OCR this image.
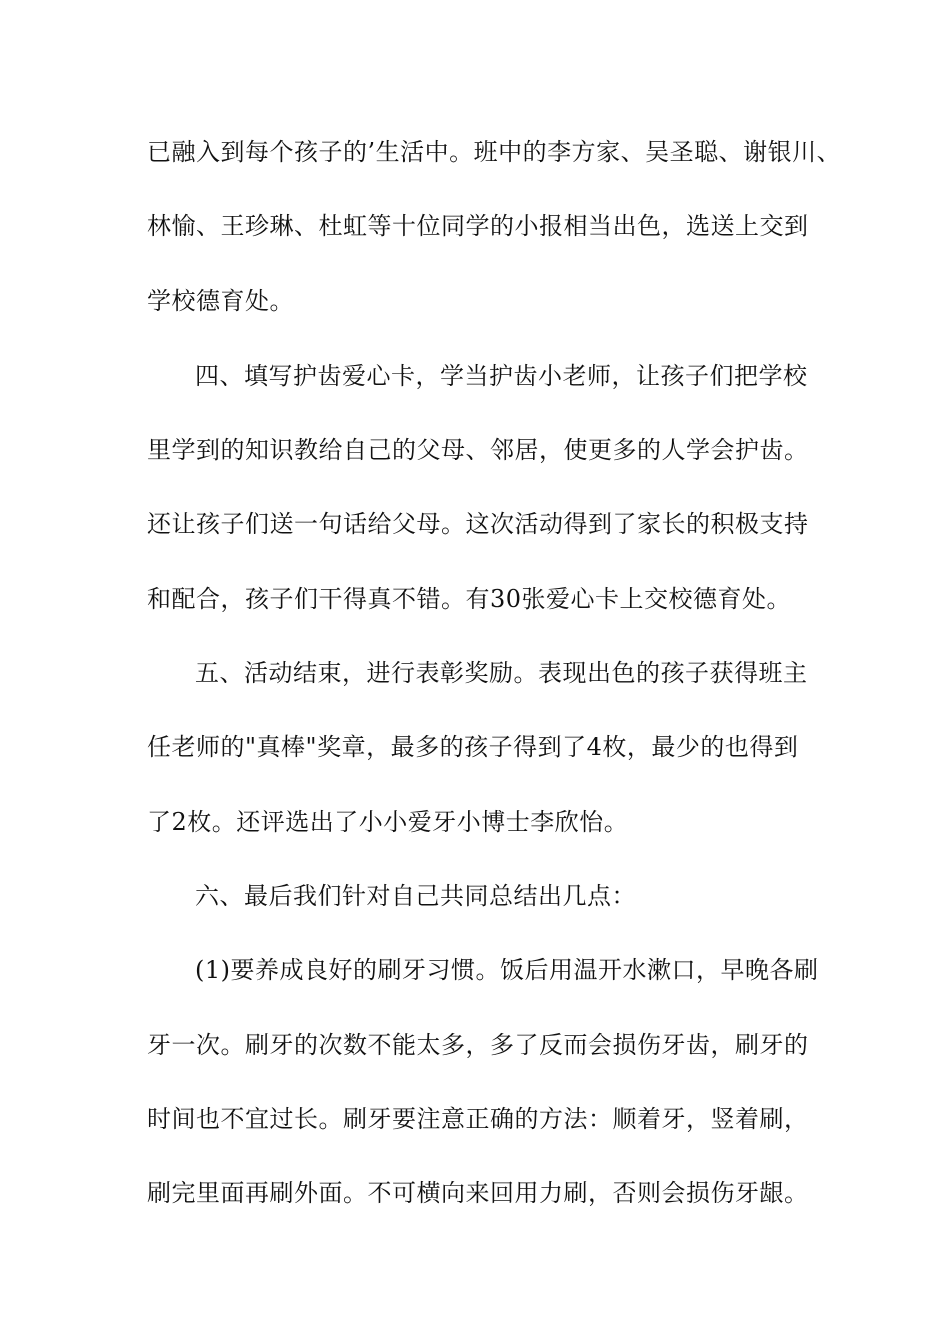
已融入到每个孩子的’生活中。班中的李方家、吴圣聪、谢银川、
林愉、王珍琳、杜虹等十位同学的小报相当出色，选送上交到
学校德育处。
四、填写护齿爱心卡，学当护齿小老师，让孩子们把学校
里学到的知识教给自己的父母、邻居，使更多的人学会护齿。
还让孩子们送一句话给父母。这次活动得到了家长的积极支持
和配合，孩子们干得真不错。有30张爱心卡上交校德育处。
五、活动结束，进行表彰奖励。表现出色的孩子获得班主
任老师的"真棒"奖章，最多的孩子得到了4枚，最少的也得到
了2枚。还评选出了小小爱牙小博士李欣怡。
六、最后我们针对自己共同总结出几点：
(1)要养成良好的刷牙习惯。饭后用温开水漱口，早晚各刷
牙一次。刷牙的次数不能太多，多了反而会损伤牙齿，刷牙的
时间也不宜过长。刷牙要注意正确的方法：顺着牙，竖着刷，
刷完里面再刷外面。不可横向来回用力刷，否则会损伤牙龈。
